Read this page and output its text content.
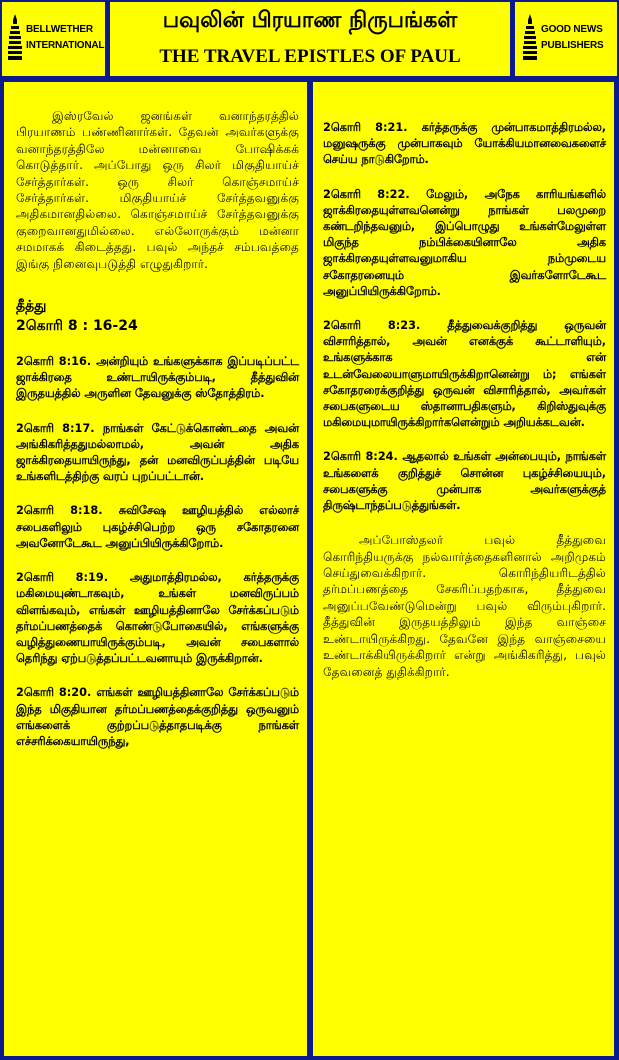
BELLWETHER
INTERNATIONAL
பவுலின் பிரயாண நிருபங்கள்
THE TRAVEL EPISTLES OF PAUL
GOOD NEWS
PUBLISHERS

இஸ்ரவேல் ஜனங்கள் வனாந்தரத்தில் பிரயாணம் பண்ணினார்கள். தேவன் அவர்களுக்கு வனாந்தரத்திலே மன்னாவை போஷிக்கக் கொடுத்தார். அப்போது ஒரு சிலர் மிகுதியாய்ச் சேர்த்தார்கள். ஒரு சிலர் கொஞ்சமாய்ச் சேர்த்தார்கள். மிகுதியாய்ச் சேர்த்தவனுக்கு அதிகமானதில்லை. கொஞ்சமாய்ச் சேர்த்தவனுக்கு குறைவானதுமில்லை. எல்லோருக்கும் மன்னா சமமாகக் கிடைத்தது. பவுல் அந்தச் சம்பவத்தை இங்கு நினைவுபடுத்தி எழுதுகிறார்.

தீத்து
2கொரி 8 : 16-24

2கொரி 8:16. அன்றியும் உங்களுக்காக இப்படிப்பட்ட ஜாக்கிரதை உண்டாயிருக்கும்படி, தீத்துவின் இருதயத்தில் அருளின தேவனுக்கு ஸ்தோத்திரம்.

2கொரி 8:17. நாங்கள் கேட்டுக்கொண்டதை அவன் அங்கிகரித்ததுமல்லாமல், அவன் அதிக ஜாக்கிரதையாயிருந்து, தன் மனவிருப்பத்தின் படியே உங்களிடத்திற்கு வரப் புறப்பட்டான்.

2கொரி 8:18. சுவிசேஷ ஊழியத்தில் எல்லாச் சபைகளிலும் புகழ்ச்சிபெற்ற ஒரு சகோதரனை அவனோடேகூட அனுப்பியிருக்கிறோம்.

2கொரி 8:19. அதுமாத்திரமல்ல, கர்த்தருக்கு மகிமையுண்டாகவும், உங்கள் மனவிருப்பம் விளங்கவும், எங்கள் ஊழியத்தினாலே சேர்க்கப்படும் தர்மப்பணத்தைக் கொண்டுபோகையில், எங்களுக்கு வழித்துணையாயிருக்கும்படி, அவன் சபைகளால் தெரிந்து ஏற்படுத்தப்பட்டவனாயும் இருக்கிறான்.

2கொரி 8:20. எங்கள் ஊழியத்தினாலே சேர்க்கப்படும் இந்த மிகுதியான தர்மப்பணத்தைக்குறித்து ஒருவனும் எங்களைக் குற்றப்படுத்தாதபடிக்கு நாங்கள் எச்சரிக்கையாயிருந்து,

2கொரி 8:21. கர்த்தருக்கு முன்பாகமாத்திரமல்ல, மனுஷருக்கு முன்பாகவும் யோக்கியமானவைகளைச் செய்ய நாடுகிறோம்.

2கொரி 8:22. மேலும், அநேக காரியங்களில் ஜாக்கிரதையுள்ளவனென்று நாங்கள் பலமுறை கண்டறிந்தவனும், இப்பொழுது உங்கள்மேலுள்ள மிகுந்த நம்பிக்கையினாலே அதிக ஜாக்கிரதையுள்ளவனுமாகிய நம்முடைய சகோதரனையும் இவர்களோடேகூட அனுப்பியிருக்கிறோம்.

2கொரி 8:23. தீத்துவைக்குறித்து ஒருவன் விசாரித்தால், அவன் எனக்குக் கூட்டாளியும், உங்களுக்காக என் உடன்வேலையாளுமாயிருக்கிறானென்று ம்; எங்கள் சகோதரரைக்குறித்து ஒருவன் விசாரித்தால், அவர்கள் சபைகளுடைய ஸ்தானாபதிகளும், கிறிஸ்துவுக்கு மகிமையுமாயிருக்கிறார்களென்றும் அறியக்கடவன்.

2கொரி 8:24. ஆதலால் உங்கள் அன்பையும், நாங்கள் உங்களைக் குறித்துச் சொன்ன புகழ்ச்சியையும், சபைகளுக்கு முன்பாக அவர்களுக்குத் திருஷ்டாந்தப்படுத்துங்கள்.

அப்போஸ்தலர் பவுல் தீத்துவை கொரிந்தியருக்கு நல்வார்த்தைகளினால் அறிமுகம் செய்துவைக்கிறார். கொரிந்தியரிடத்தில் தர்மப்பணத்தை சேகரிப்பதற்காக, தீத்துவை அனுப்பவேண்டுமென்று பவுல் விரும்புகிறார். தீத்துவின் இருதயத்திலும் இந்த வாஞ்சை உண்டாயிருக்கிறது. தேவனே இந்த வாஞ்சையை உண்டாக்கியிருக்கிறார் என்று அங்கிகரித்து, பவுல் தேவனைத் துதிக்கிறார்.
